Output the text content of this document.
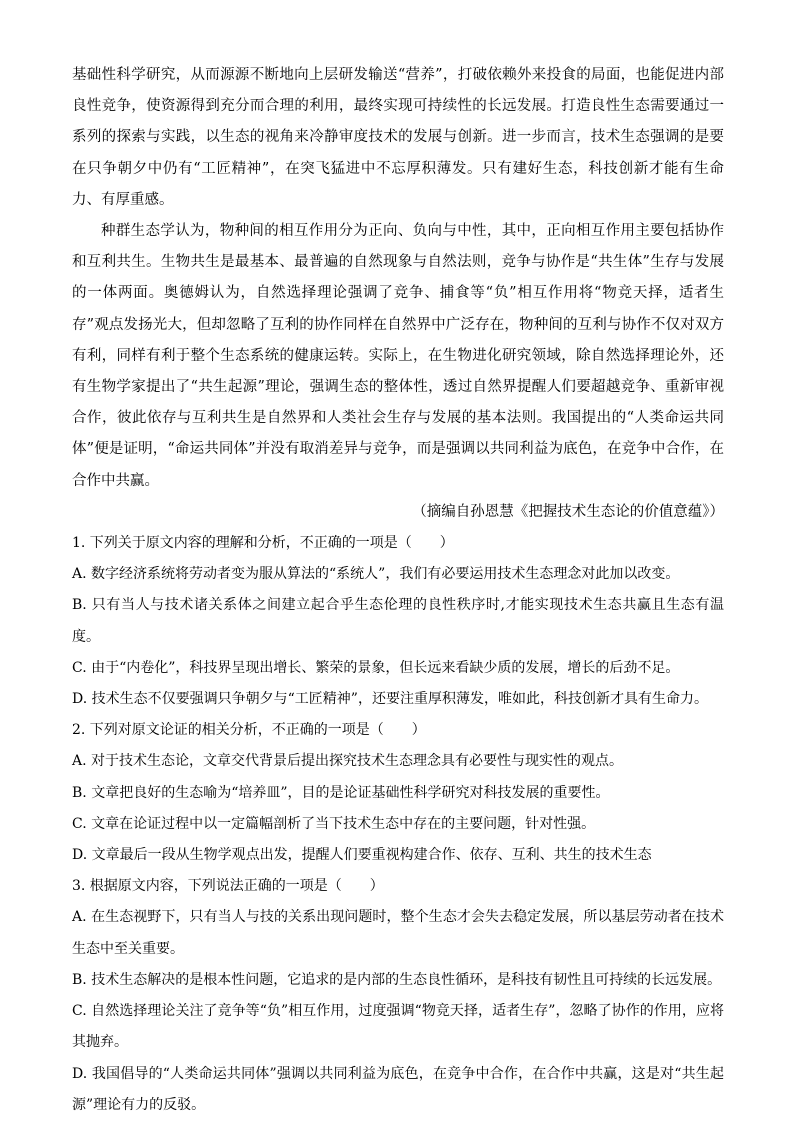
基础性科学研究，从而源源不断地向上层研发输送“营养”，打破依赖外来投食的局面，也能促进内部良性竞争，使资源得到充分而合理的利用，最终实现可持续性的长远发展。打造良性生态需要通过一系列的探索与实践，以生态的视角来冷静审度技术的发展与创新。进一步而言，技术生态强调的是要在只争朝夕中仍有“工匠精神”，在突飞猛进中不忘厚积薄发。只有建好生态，科技创新才能有生命力、有厚重感。

种群生态学认为，物种间的相互作用分为正向、负向与中性，其中，正向相互作用主要包括协作和互利共生。生物共生是最基本、最普遍的自然现象与自然法则，竞争与协作是“共生体”生存与发展的一体两面。奥德姆认为，自然选择理论强调了竞争、捕食等“负”相互作用将“物竞天择，适者生存”观点发扬光大，但却忽略了互利的协作同样在自然界中广泛存在，物种间的互利与协作不仅对双方有利，同样有利于整个生态系统的健康运转。实际上，在生物进化研究领域，除自然选择理论外，还有生物学家提出了“共生起源”理论，强调生态的整体性，透过自然界提醒人们要超越竞争、重新审视合作，彼此依存与互利共生是自然界和人类社会生存与发展的基本法则。我国提出的“人类命运共同体”便是证明，“命运共同体”并没有取消差异与竞争，而是强调以共同利益为底色，在竞争中合作，在合作中共赢。

（摘编自孙恩慧《把握技术生态论的价值意蕴》）

1. 下列关于原文内容的理解和分析，不正确的一项是（　　）

A. 数字经济系统将劳动者变为服从算法的“系统人”，我们有必要运用技术生态理念对此加以改变。

B. 只有当人与技术诸关系体之间建立起合乎生态伦理的良性秩序时,才能实现技术生态共赢且生态有温度。

C. 由于“内卷化”，科技界呈现出增长、繁荣的景象，但长远来看缺少质的发展，增长的后劲不足。

D. 技术生态不仅要强调只争朝夕与“工匠精神”，还要注重厚积薄发，唯如此，科技创新才具有生命力。

2. 下列对原文论证的相关分析，不正确的一项是（　　）

A. 对于技术生态论，文章交代背景后提出探究技术生态理念具有必要性与现实性的观点。

B. 文章把良好的生态喻为“培养皿”，目的是论证基础性科学研究对科技发展的重要性。

C. 文章在论证过程中以一定篇幅剖析了当下技术生态中存在的主要问题，针对性强。

D. 文章最后一段从生物学观点出发，提醒人们要重视构建合作、依存、互利、共生的技术生态

3. 根据原文内容，下列说法正确的一项是（　　）

A. 在生态视野下，只有当人与技的关系出现问题时，整个生态才会失去稳定发展，所以基层劳动者在技术生态中至关重要。

B. 技术生态解决的是根本性问题，它追求的是内部的生态良性循环，是科技有韧性且可持续的长远发展。

C. 自然选择理论关注了竞争等“负”相互作用，过度强调“物竞天择，适者生存”，忽略了协作的作用，应将其抛弃。

D. 我国倡导的“人类命运共同体”强调以共同利益为底色，在竞争中合作，在合作中共赢，这是对“共生起源”理论有力的反驳。
